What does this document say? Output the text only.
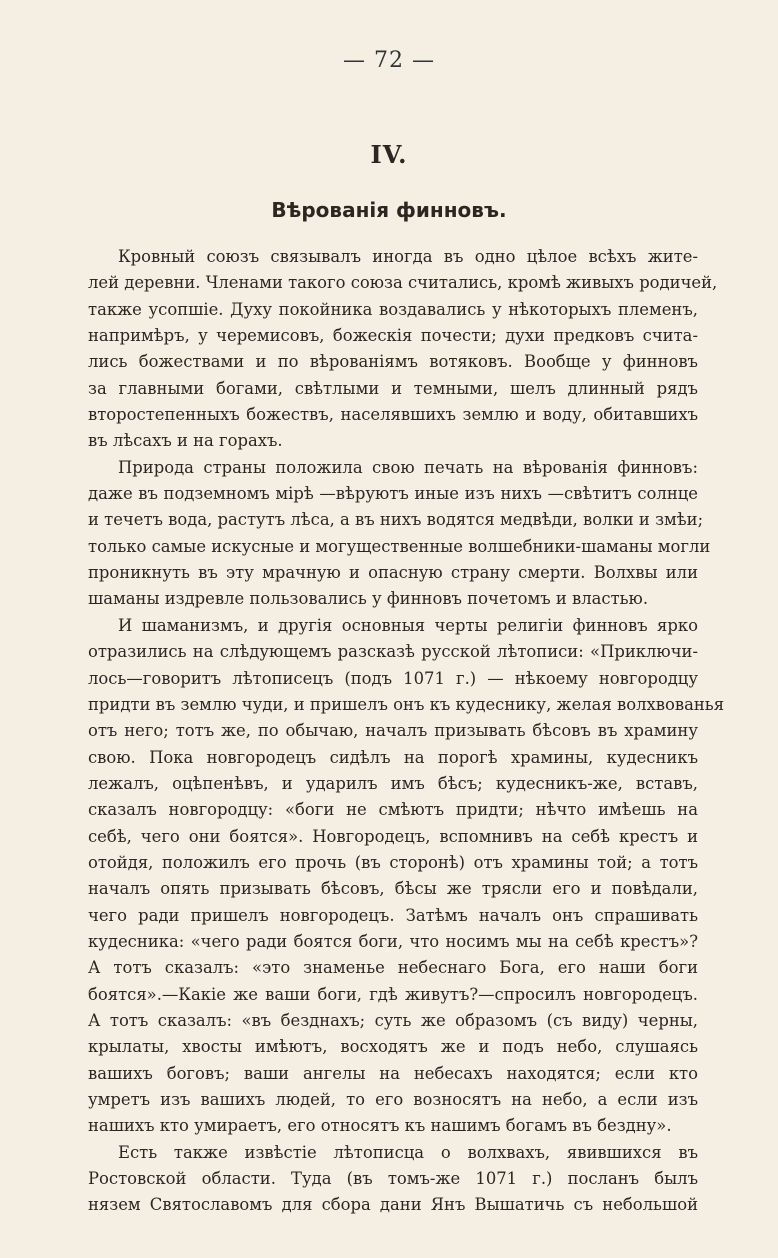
— 72 —
IV.
Вѣрованія финновъ.
Кровный союзъ связывалъ иногда въ одно цѣлое всѣхъ жите-
лей деревни. Членами такого союза считались, кромѣ живыхъ родичей,
также усопшіе. Духу покойника воздавались у нѣкоторыхъ племенъ,
напримѣръ, у черемисовъ, божескія почести; духи предковъ счита-
лись божествами и по вѣрованіямъ вотяковъ. Вообще у финновъ
за главными богами, свѣтлыми и темными, шелъ длинный рядъ
второстепенныхъ божествъ, населявшихъ землю и воду, обитавшихъ
въ лѣсахъ и на горахъ.
Природа страны положила свою печать на вѣрованія финновъ:
даже въ подземномъ мірѣ —вѣруютъ иные изъ нихъ —свѣтитъ солнце
и течетъ вода, растутъ лѣса, а въ нихъ водятся медвѣди, волки и змѣи;
только самые искусные и могущественные волшебники-шаманы могли
проникнуть въ эту мрачную и опасную страну смерти. Волхвы или
шаманы издревле пользовались у финновъ почетомъ и властью.
И шаманизмъ, и другія основныя черты религіи финновъ ярко
отразились на слѣдующемъ разсказѣ русской лѣтописи: «Приключи-
лось—говоритъ лѣтописецъ (подъ 1071 г.) — нѣкоему новгородцу
придти въ землю чуди, и пришелъ онъ къ кудеснику, желая волхвованья
отъ него; тотъ же, по обычаю, началъ призывать бѣсовъ въ храмину
свою. Пока новгородецъ сидѣлъ на порогѣ храмины, кудесникъ
лежалъ, оцѣпенѣвъ, и ударилъ имъ бѣсъ; кудесникъ-же, вставъ,
сказалъ новгородцу: «боги не смѣютъ придти; нѣчто имѣешь на
себѣ, чего они боятся». Новгородецъ, вспомнивъ на себѣ крестъ и
отойдя, положилъ его прочь (въ сторонѣ) отъ храмины той; а тотъ
началъ опять призывать бѣсовъ, бѣсы же трясли его и повѣдали,
чего ради пришелъ новгородецъ. Затѣмъ началъ онъ спрашивать
кудесника: «чего ради боятся боги, что носимъ мы на себѣ крестъ»?
А тотъ сказалъ: «это знаменье небеснаго Бога, его наши боги
боятся».—Какіе же ваши боги, гдѣ живутъ?—спросилъ новгородецъ.
А тотъ сказалъ: «въ безднахъ; суть же образомъ (съ виду) черны,
крылаты, хвосты имѣютъ, восходятъ же и подъ небо, слушаясь
вашихъ боговъ; ваши ангелы на небесахъ находятся; если кто
умретъ изъ вашихъ людей, то его возносятъ на небо, а если изъ
нашихъ кто умираетъ, его относятъ къ нашимъ богамъ въ бездну».
Есть также извѣстіе лѣтописца о волхвахъ, явившихся въ
Ростовской области. Туда (въ томъ-же 1071 г.) посланъ былъ
нязем Святославомъ для сбора дани Янъ Вышатичь съ небольшой
